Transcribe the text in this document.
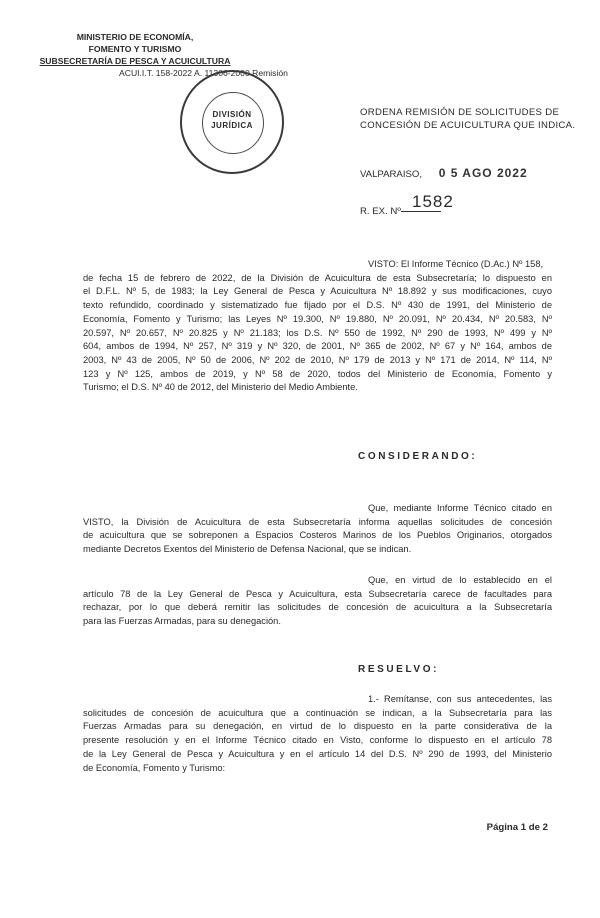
MINISTERIO DE ECONOMÍA,
FOMENTO Y TURISMO
SUBSECRETARÍA DE PESCA Y ACUICULTURA
ACUI.I.T. 158-2022 A. 11306-2000 Remisión
DIVISIÓN
JURÍDICA
ORDENA REMISIÓN DE SOLICITUDES DE
CONCESIÓN DE ACUICULTURA QUE INDICA.
VALPARAISO, 0 5 AGO 2022
R. EX. Nº
1582
VISTO: El Informe Técnico (D.Ac.) Nº 158,
de fecha 15 de febrero de 2022, de la División de Acuicultura de esta Subsecretaría; lo dispuesto en
el D.F.L. Nº 5, de 1983; la Ley General de Pesca y Acuicultura Nº 18.892 y sus modificaciones, cuyo
texto refundido, coordinado y sistematizado fue fijado por el D.S. Nº 430 de 1991, del Ministerio de
Economía, Fomento y Turismo; las Leyes Nº 19.300, Nº 19.880, Nº 20.091, Nº 20.434, Nº 20.583, Nº
20.597, Nº 20.657, Nº 20.825 y Nº 21.183; los D.S. Nº 550 de 1992, Nº 290 de 1993, Nº 499 y Nº
604, ambos de 1994, Nº 257, Nº 319 y Nº 320, de 2001, Nº 365 de 2002, Nº 67 y Nº 164, ambos de
2003, Nº 43 de 2005, Nº 50 de 2006, Nº 202 de 2010, Nº 179 de 2013 y Nº 171 de 2014, Nº 114, Nº
123 y Nº 125, ambos de 2019, y Nº 58 de 2020, todos del Ministerio de Economía, Fomento y
Turismo; el D.S. Nº 40 de 2012, del Ministerio del Medio Ambiente.
CONSIDERANDO:
Que, mediante Informe Técnico citado en
VISTO, la División de Acuicultura de esta Subsecretaría informa aquellas solicitudes de concesión
de acuicultura que se sobreponen a Espacios Costeros Marinos de los Pueblos Originarios, otorgados
mediante Decretos Exentos del Ministerio de Defensa Nacional, que se indican.
Que, en virtud de lo establecido en el
artículo 78 de la Ley General de Pesca y Acuicultura, esta Subsecretaría carece de facultades para
rechazar, por lo que deberá remitir las solicitudes de concesión de acuicultura a la Subsecretaría
para las Fuerzas Armadas, para su denegación.
RESUELVO:
1.- Remítanse, con sus antecedentes, las
solicitudes de concesión de acuicultura que a continuación se indican, a la Subsecretaría para las
Fuerzas Armadas para su denegación, en virtud de lo dispuesto en la parte considerativa de la
presente resolución y en el Informe Técnico citado en Visto, conforme lo dispuesto en el artículo 78
de la Ley General de Pesca y Acuicultura y en el artículo 14 del D.S. Nº 290 de 1993, del Ministerio
de Economía, Fomento y Turismo:
Página 1 de 2
